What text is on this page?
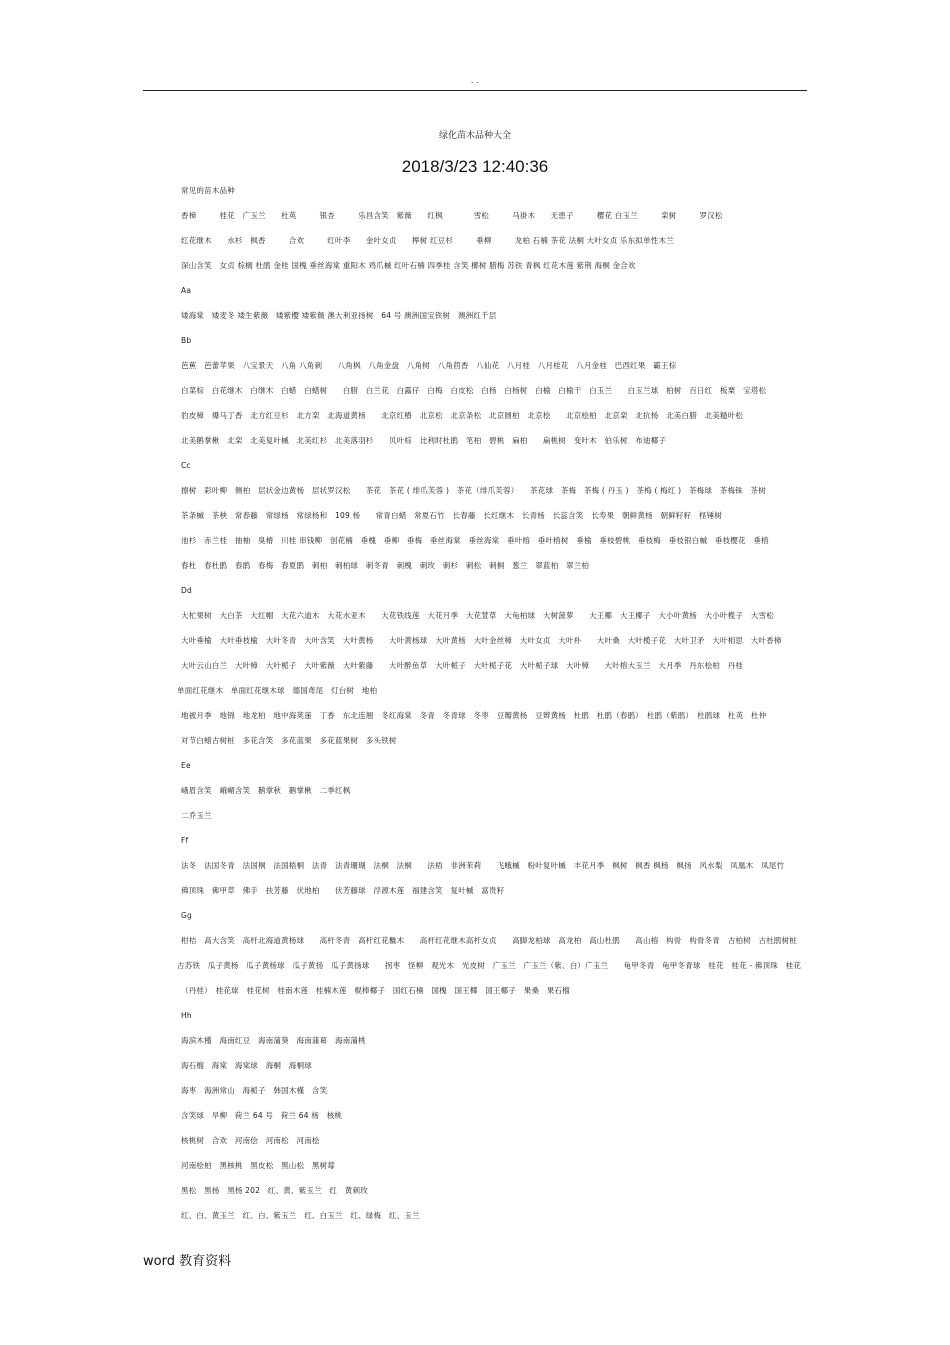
. .
绿化苗木品种大全
2018/3/23 12:40:36
常见的苗木品种
香樟　　　桂花　广玉兰　　杜英　　　银杏　　　乐昌含笑　紫薇　　红枫　　　　雪松　　　马褂木　　无患子　　　樱花 白玉兰　　　栾树　　　罗汉松
红花继木　　水杉　枫香　　　合欢　　　红叶李　　金叶女贞　　榉树 红豆杉　　　垂柳　　　龙柏 石楠 茶花 法桐 大叶女贞 乐东拟单性木兰
深山含笑　女贞 棕榈 杜鹃 金桂 国槐 垂丝海棠 重阳木 鸡爪槭 红叶石楠 四季桂 含笑 榔树 腊梅 苏铁 青枫 红花木莲 紫荆 海桐 金合欢
Aa
矮海棠　矮麦冬 矮生紫薇　矮紫樱 矮紫薇 澳大利亚扬树　64 号 澳洲国宝铁树　澳洲红千层
Bb
芭蕉　芭蕾苹果　八宝景天　八角 八角刺　　八角枫　八角金盘　八角树　八角茴香　八仙花　八月桂　八月桂花　八月金桂　巴西红果　霸王棕
白菜棕　白花继木　白继木　白蜡　白蜡树　　白腊　白兰花　白露仔　白梅　白皮松　白杨　白杨树　白榆　白榆干　白玉兰　　白玉兰球　柏树　百日红　板栗　宝塔松
豹皮樟　爆马丁香　北方红豆杉　北方栾　北海道黄杨　　北京红椿　北京松　北京条松　北京圆柏　北京桧　　北京桧柏　北京栾　北抗杨　北美白腊　北美糙叶松
北美鹅掌楸　北栾　北美复叶槭　北美红杉　北美落羽杉　　贝叶棕　比利时杜鹃　笔柏　碧桃　扁柏　　扁桃树　变叶木　伯乐树　布迪椰子
Cc
擦树　彩叶柳　侧柏　层状金边黄杨　层状罗汉松　　茶花　茶花 ( 绯爪芙蓉 )　茶花（绯爪芙蓉）　　茶花球　茶梅　茶梅 ( 丹玉 )　茶梅 ( 梅红 )　茶梅球　茶梅铢　茶树
茶条槭　茶秧　常春藤　常绿杨　常绿杨和　109 杨　　常青白蜡　常夏石竹　长春藤　长红继木　长青杨　长蕊含笑　长寿果　朝鲜黄杨　朝鲜籽籽　柽锤树
池杉　赤兰桂　抽柚　臭椿　川桂 串钱柳　创花楠　垂槐　垂柳　垂梅　垂丝海棠　垂丝海棠　垂叶榕　垂叶榕树　垂榆　垂枝碧桃　垂枝梅　垂枝银白槭　垂枝樱花　垂榕
春杜　春杜鹃　春鹃　春梅　春夏鹃　刺柏　刺柏球　刺冬青　刺槐　刺玫　刺杉　刺松　刺桐　葱兰　翠蓝柏　翠兰柏
Dd
大杧果树　大白茶　大红帽　大花六道木　大花水亚木　　大花铁线莲　大花月季　大花萱草　大龟柏球　大树菠萝　　大王椰　大王椰子　大小叶黄杨　大小叶榄子　大雪松
大叶垂榆　大叶垂枝榆　大叶冬青　大叶含笑　大叶黄杨　　大叶黄杨球　大叶黄杨　大叶金丝樟　大叶女贞　大叶朴　　大叶桑　大叶榄子花　大叶卫矛　大叶相思　大叶香樟
大叶云山白兰　大叶樟　大叶栀子　大叶紫薇　大叶紫藤　　大叶醉鱼草　大叶栀子　大叶栀子花　大叶栀子球　大叶樟　　大叶榕大玉兰　大月季　丹东桧柏　丹桂
单面红花继木　单面红花继木球　德国鸢尾　灯台树　地柏
地被月季　地锦　地龙柏　地中海荚蒾　丁香　东北连翘　冬红海棠　冬青　冬青球　冬枣　豆瓣黄杨　豆辫黄杨　杜鹃　杜鹃（春鹃）　杜鹃（紫鹃）　杜鹃球　杜英　杜仲
对节白蜡古树桩　多花含笑　多花蓝果　多花蓝果树　多头铁树
Ee
峨眉含笑　峨嵋含笑　鹅掌秋　鹅掌楸　二季红枫
二乔玉兰
Ff
法冬　法国冬青　法国桐　法国梧桐　法青　法青珊瑚　法桐　法桐　　法梧　非洲茉莉　　飞蛾槭　粉叶复叶槭　丰花月季　枫树　枫香 枫杨　枫扬　风水梨　凤凰木　凤尾竹
佛顶珠　佛甲草　佛手　扶芳藤　伏地柏　　伏芳藤球　浮源木莲　福建含笑　复叶槭　富贵籽
Gg
柑桔　高大含笑　高杆北海道黄杨球　　高杆冬青　高杆红花檵木　　高杆红花继木高杆女贞　　高脚龙柏球　高龙柏　高山杜鹃　　高山榕　构骨　构骨冬青　古柏树　古杜鹃树桩
古苏铁　瓜子黄杨　瓜子黄杨球　瓜子黄扬　瓜子黄扬球　　拐枣　怪柳　观光木　光皮树　广玉兰　广玉兰（紫、白）广玉兰　　龟甲冬青　龟甲冬青球　桂花　桂花 - 佛顶珠　桂花
（丹桂）　桂花球　桂花树　桂南木莲　桂楠木莲　棍棒椰子　国红石楠　国槐　国王椰　国王椰子　果桑　果石榴
Hh
海滨木槿　海南红豆　海南蒲葵　海南蒲葛　海南蒲桃
海石榴　海棠　海棠球　海桐　海桐球
海枣　海洲常山　海栀子　韩国木槿　含笑
含笑球　旱柳　荷兰 64 号　荷兰 64 杨　核桃
核桃树　合欢　河南侩　河南松　河南桧
河南桧柏　黑核桃　黑皮松　黑山松　黑树莓
黑松　黑杨　黑杨 202　红、黄、紫玉兰　红　黄刺玫
红、白、黄玉兰　红、白、紫玉兰　红、白玉兰　红、绿梅　红、玉兰
word 教育资料
